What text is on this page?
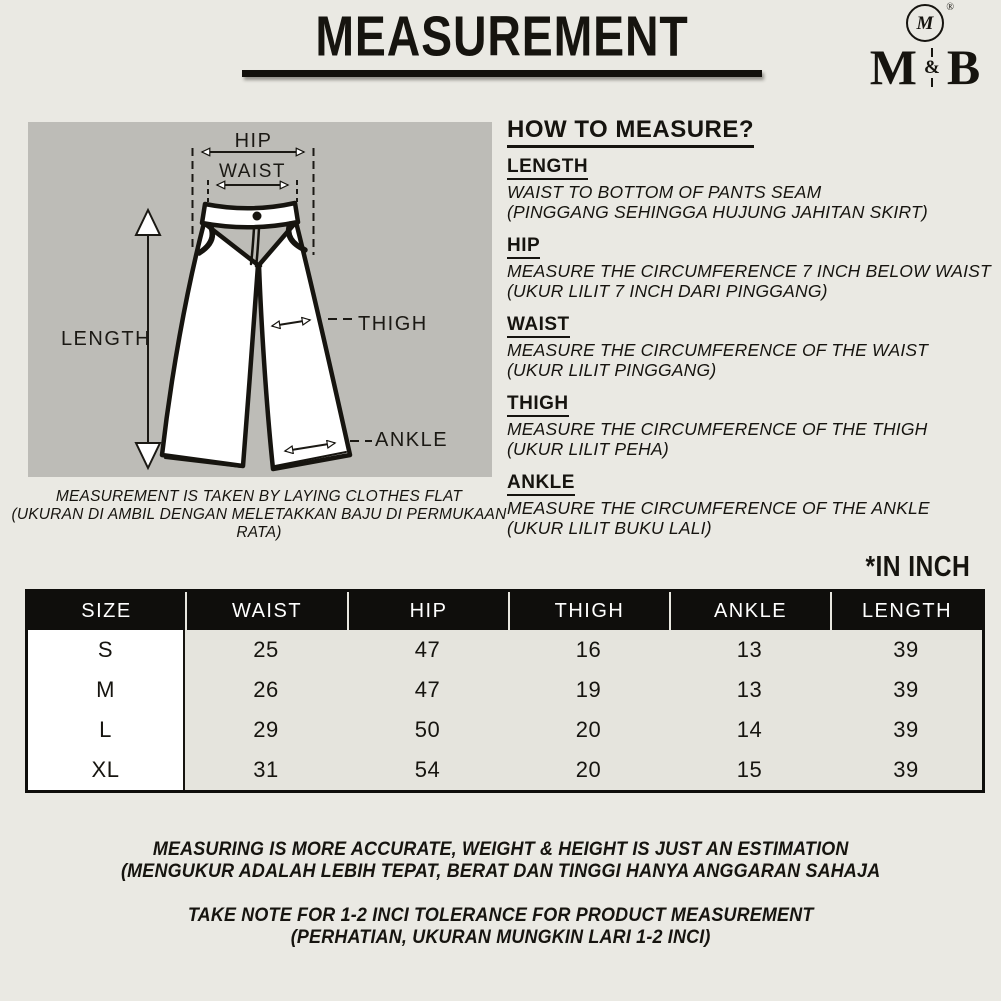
MEASUREMENT	M
®
M & B
HIP
WAIST
LENGTH
THIGH
ANKLE
MEASUREMENT IS TAKEN BY LAYING CLOTHES FLAT
(UKURAN DI AMBIL DENGAN MELETAKKAN BAJU DI PERMUKAAN RATA)
HOW TO MEASURE?
LENGTH
WAIST TO BOTTOM OF PANTS SEAM
(PINGGANG SEHINGGA HUJUNG JAHITAN SKIRT)
HIP
MEASURE THE CIRCUMFERENCE 7 INCH BELOW WAIST
(UKUR LILIT 7 INCH DARI PINGGANG)
WAIST
MEASURE THE CIRCUMFERENCE OF THE WAIST
(UKUR LILIT PINGGANG)
THIGH
MEASURE THE CIRCUMFERENCE OF THE THIGH
(UKUR LILIT PEHA)
ANKLE
MEASURE THE CIRCUMFERENCE OF THE ANKLE
(UKUR LILIT BUKU LALI)
*IN INCH
SIZE	WAIST	HIP	THIGH	ANKLE	LENGTH
S	25	47	16	13	39
M	26	47	19	13	39
L	29	50	20	14	39
XL	31	54	20	15	39
MEASURING IS MORE ACCURATE, WEIGHT & HEIGHT IS JUST AN ESTIMATION
(MENGUKUR ADALAH LEBIH TEPAT, BERAT DAN TINGGI HANYA ANGGARAN SAHAJA
TAKE NOTE FOR 1-2 INCI TOLERANCE FOR PRODUCT MEASUREMENT
(PERHATIAN, UKURAN MUNGKIN LARI 1-2 INCI)
